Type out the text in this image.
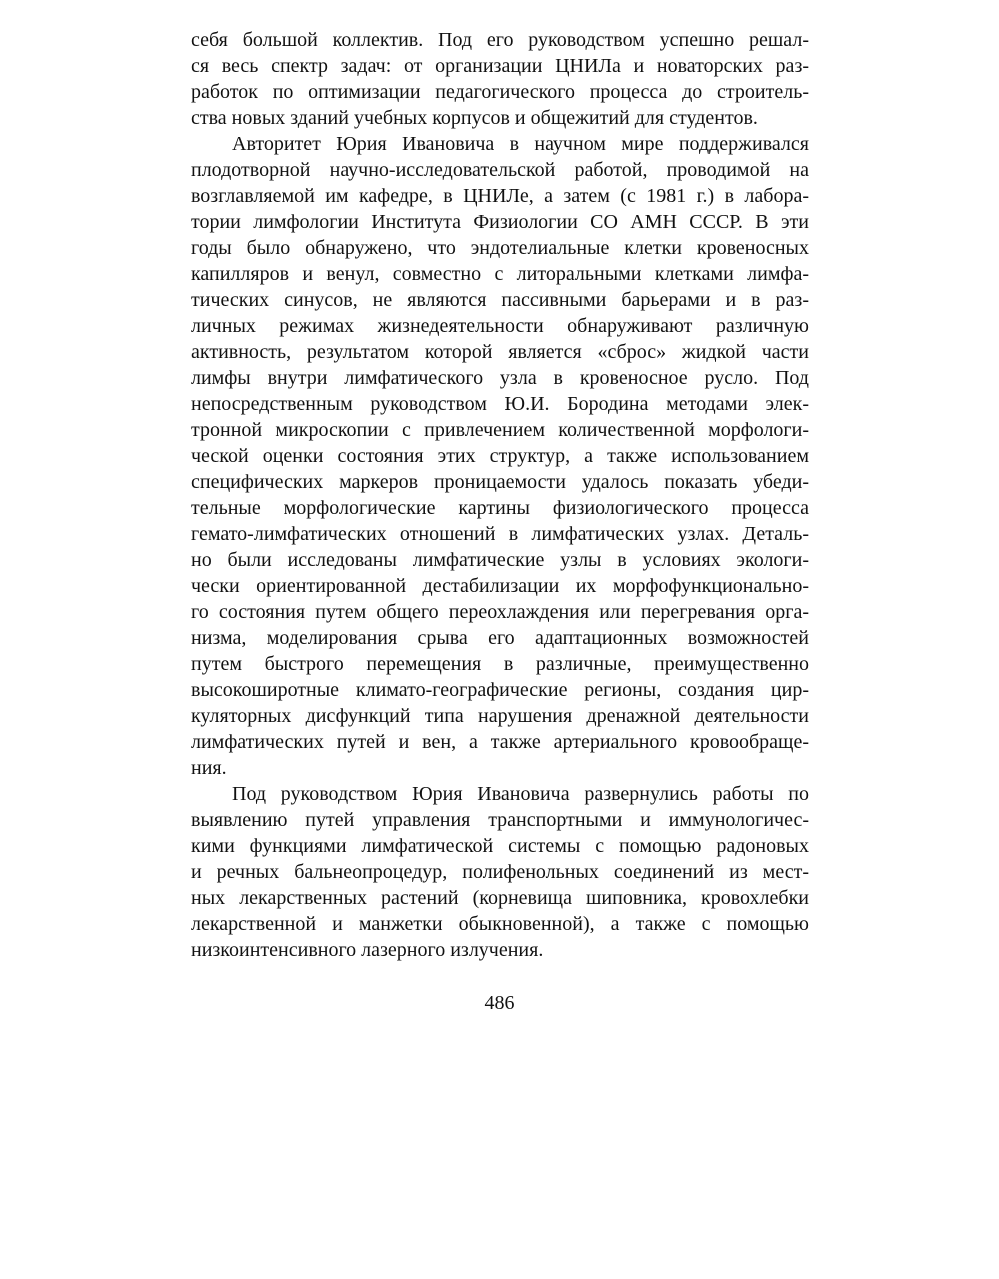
себя большой коллектив. Под его руководством успешно решал-
ся весь спектр задач: от организации ЦНИЛа и новаторских раз-
работок по оптимизации педагогического процесса до строитель-
ства новых зданий учебных корпусов и общежитий для студентов.
Авторитет Юрия Ивановича в научном мире поддерживался
плодотворной научно-исследовательской работой, проводимой на
возглавляемой им кафедре, в ЦНИЛе, а затем (с 1981 г.) в лабора-
тории лимфологии Института Физиологии СО АМН СССР. В эти
годы было обнаружено, что эндотелиальные клетки кровеносных
капилляров и венул, совместно с литоральными клетками лимфа-
тических синусов, не являются пассивными барьерами и в раз-
личных режимах жизнедеятельности обнаруживают различную
активность, результатом которой является «сброс» жидкой части
лимфы внутри лимфатического узла в кровеносное русло. Под
непосредственным руководством Ю.И. Бородина методами элек-
тронной микроскопии с привлечением количественной морфологи-
ческой оценки состояния этих структур, а также использованием
специфических маркеров проницаемости удалось показать убеди-
тельные морфологические картины физиологического процесса
гемато-лимфатических отношений в лимфатических узлах. Деталь-
но были исследованы лимфатические узлы в условиях экологи-
чески ориентированной дестабилизации их морфофункционально-
го состояния путем общего переохлаждения или перегревания орга-
низма, моделирования срыва его адаптационных возможностей
путем быстрого перемещения в различные, преимущественно
высокоширотные климато-географические регионы, создания цир-
куляторных дисфункций типа нарушения дренажной деятельности
лимфатических путей и вен, а также артериального кровообраще-
ния.
Под руководством Юрия Ивановича развернулись работы по
выявлению путей управления транспортными и иммунологичес-
кими функциями лимфатической системы с помощью радоновых
и речных бальнеопроцедур, полифенольных соединений из мест-
ных лекарственных растений (корневища шиповника, кровохлебки
лекарственной и манжетки обыкновенной), а также с помощью
низкоинтенсивного лазерного излучения.
486
